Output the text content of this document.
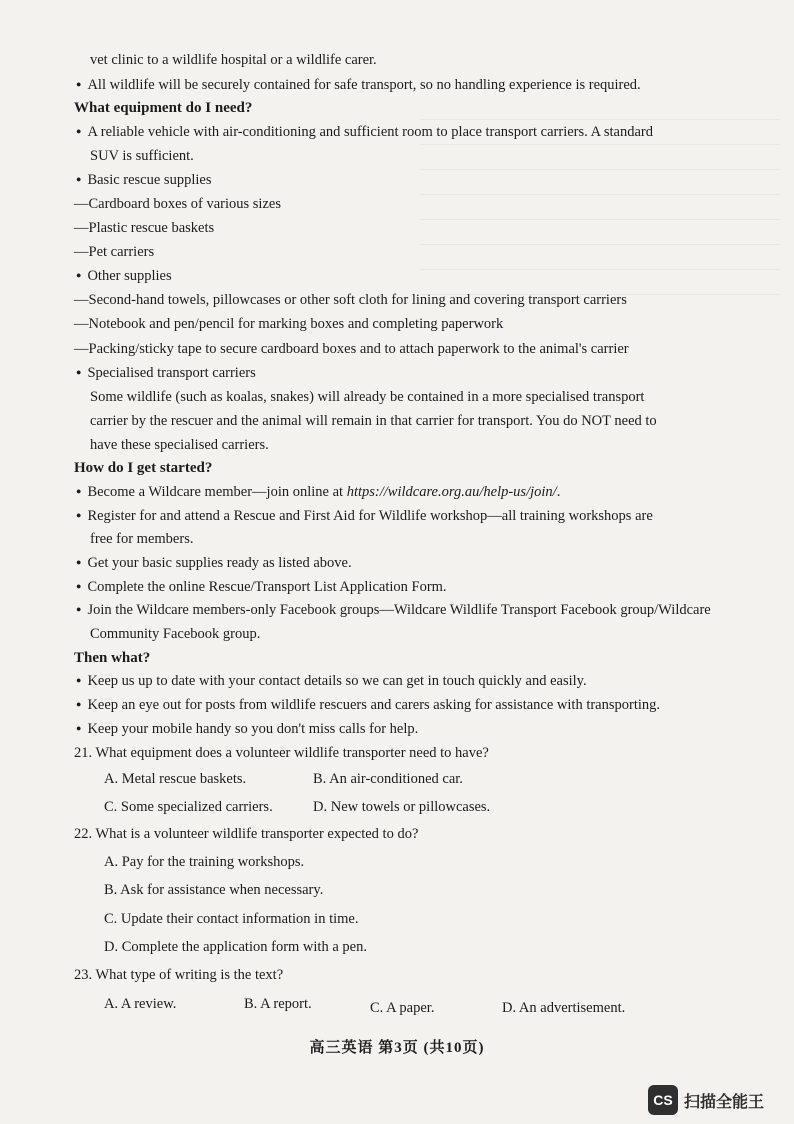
vet clinic to a wildlife hospital or a wildlife carer.
● All wildlife will be securely contained for safe transport, so no handling experience is required.
What equipment do I need?
● A reliable vehicle with air-conditioning and sufficient room to place transport carriers. A standard
SUV is sufficient.
● Basic rescue supplies
—Cardboard boxes of various sizes
—Plastic rescue baskets
—Pet carriers
● Other supplies
—Second-hand towels, pillowcases or other soft cloth for lining and covering transport carriers
—Notebook and pen/pencil for marking boxes and completing paperwork
—Packing/sticky tape to secure cardboard boxes and to attach paperwork to the animal's carrier
● Specialised transport carriers
Some wildlife (such as koalas, snakes) will already be contained in a more specialised transport
carrier by the rescuer and the animal will remain in that carrier for transport. You do NOT need to
have these specialised carriers.
How do I get started?
● Become a Wildcare member—join online at https://wildcare.org.au/help-us/join/.
● Register for and attend a Rescue and First Aid for Wildlife workshop—all training workshops are
free for members.
● Get your basic supplies ready as listed above.
● Complete the online Rescue/Transport List Application Form.
● Join the Wildcare members-only Facebook groups—Wildcare Wildlife Transport Facebook group/Wildcare
Community Facebook group.
Then what?
● Keep us up to date with your contact details so we can get in touch quickly and easily.
● Keep an eye out for posts from wildlife rescuers and carers asking for assistance with transporting.
● Keep your mobile handy so you don't miss calls for help.
21. What equipment does a volunteer wildlife transporter need to have?
A. Metal rescue baskets.	B. An air-conditioned car.
C. Some specialized carriers.	D. New towels or pillowcases.
22. What is a volunteer wildlife transporter expected to do?
A. Pay for the training workshops.
B. Ask for assistance when necessary.
C. Update their contact information in time.
D. Complete the application form with a pen.
23. What type of writing is the text?
A. A review.	B. A report.	C. A paper.	D. An advertisement.
高三英语 第3页 (共10页)
CS 扫描全能王
